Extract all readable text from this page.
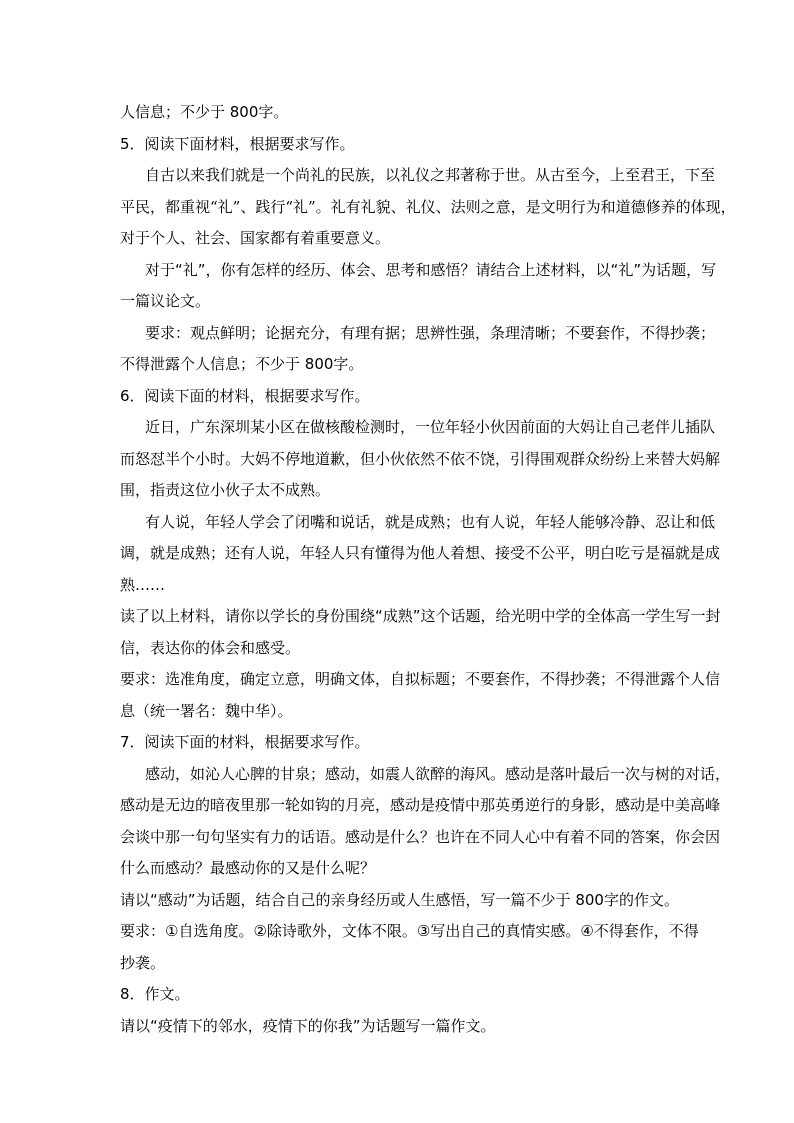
人信息；不少于 800字。
5．阅读下面材料，根据要求写作。
自古以来我们就是一个尚礼的民族，以礼仪之邦著称于世。从古至今，上至君王，下至
平民，都重视“礼”、践行“礼”。礼有礼貌、礼仪、法则之意，是文明行为和道德修养的体现，
对于个人、社会、国家都有着重要意义。
对于“礼”，你有怎样的经历、体会、思考和感悟？请结合上述材料，以“礼”为话题，写
一篇议论文。
要求：观点鲜明；论据充分，有理有据；思辨性强，条理清晰；不要套作，不得抄袭；
不得泄露个人信息；不少于 800字。
6．阅读下面的材料，根据要求写作。
近日，广东深圳某小区在做核酸检测时，一位年轻小伙因前面的大妈让自己老伴儿插队
而怒怼半个小时。大妈不停地道歉，但小伙依然不依不饶，引得围观群众纷纷上来替大妈解
围，指责这位小伙子太不成熟。
有人说，年轻人学会了闭嘴和说话，就是成熟；也有人说，年轻人能够冷静、忍让和低
调，就是成熟；还有人说，年轻人只有懂得为他人着想、接受不公平，明白吃亏是福就是成
熟……
读了以上材料，请你以学长的身份围绕“成熟”这个话题，给光明中学的全体高一学生写一封
信，表达你的体会和感受。
要求：选准角度，确定立意，明确文体，自拟标题；不要套作，不得抄袭；不得泄露个人信
息（统一署名：魏中华）。
7．阅读下面的材料，根据要求写作。
感动，如沁人心脾的甘泉；感动，如震人欲醉的海风。感动是落叶最后一次与树的对话，
感动是无边的暗夜里那一轮如钩的月亮，感动是疫情中那英勇逆行的身影，感动是中美高峰
会谈中那一句句坚实有力的话语。感动是什么？也许在不同人心中有着不同的答案，你会因
什么而感动？最感动你的又是什么呢？
请以“感动”为话题，结合自己的亲身经历或人生感悟，写一篇不少于 800字的作文。
要求：①自选角度。②除诗歌外，文体不限。③写出自己的真情实感。④不得套作，不得
抄袭。
8．作文。
请以“疫情下的邻水，疫情下的你我”为话题写一篇作文。
